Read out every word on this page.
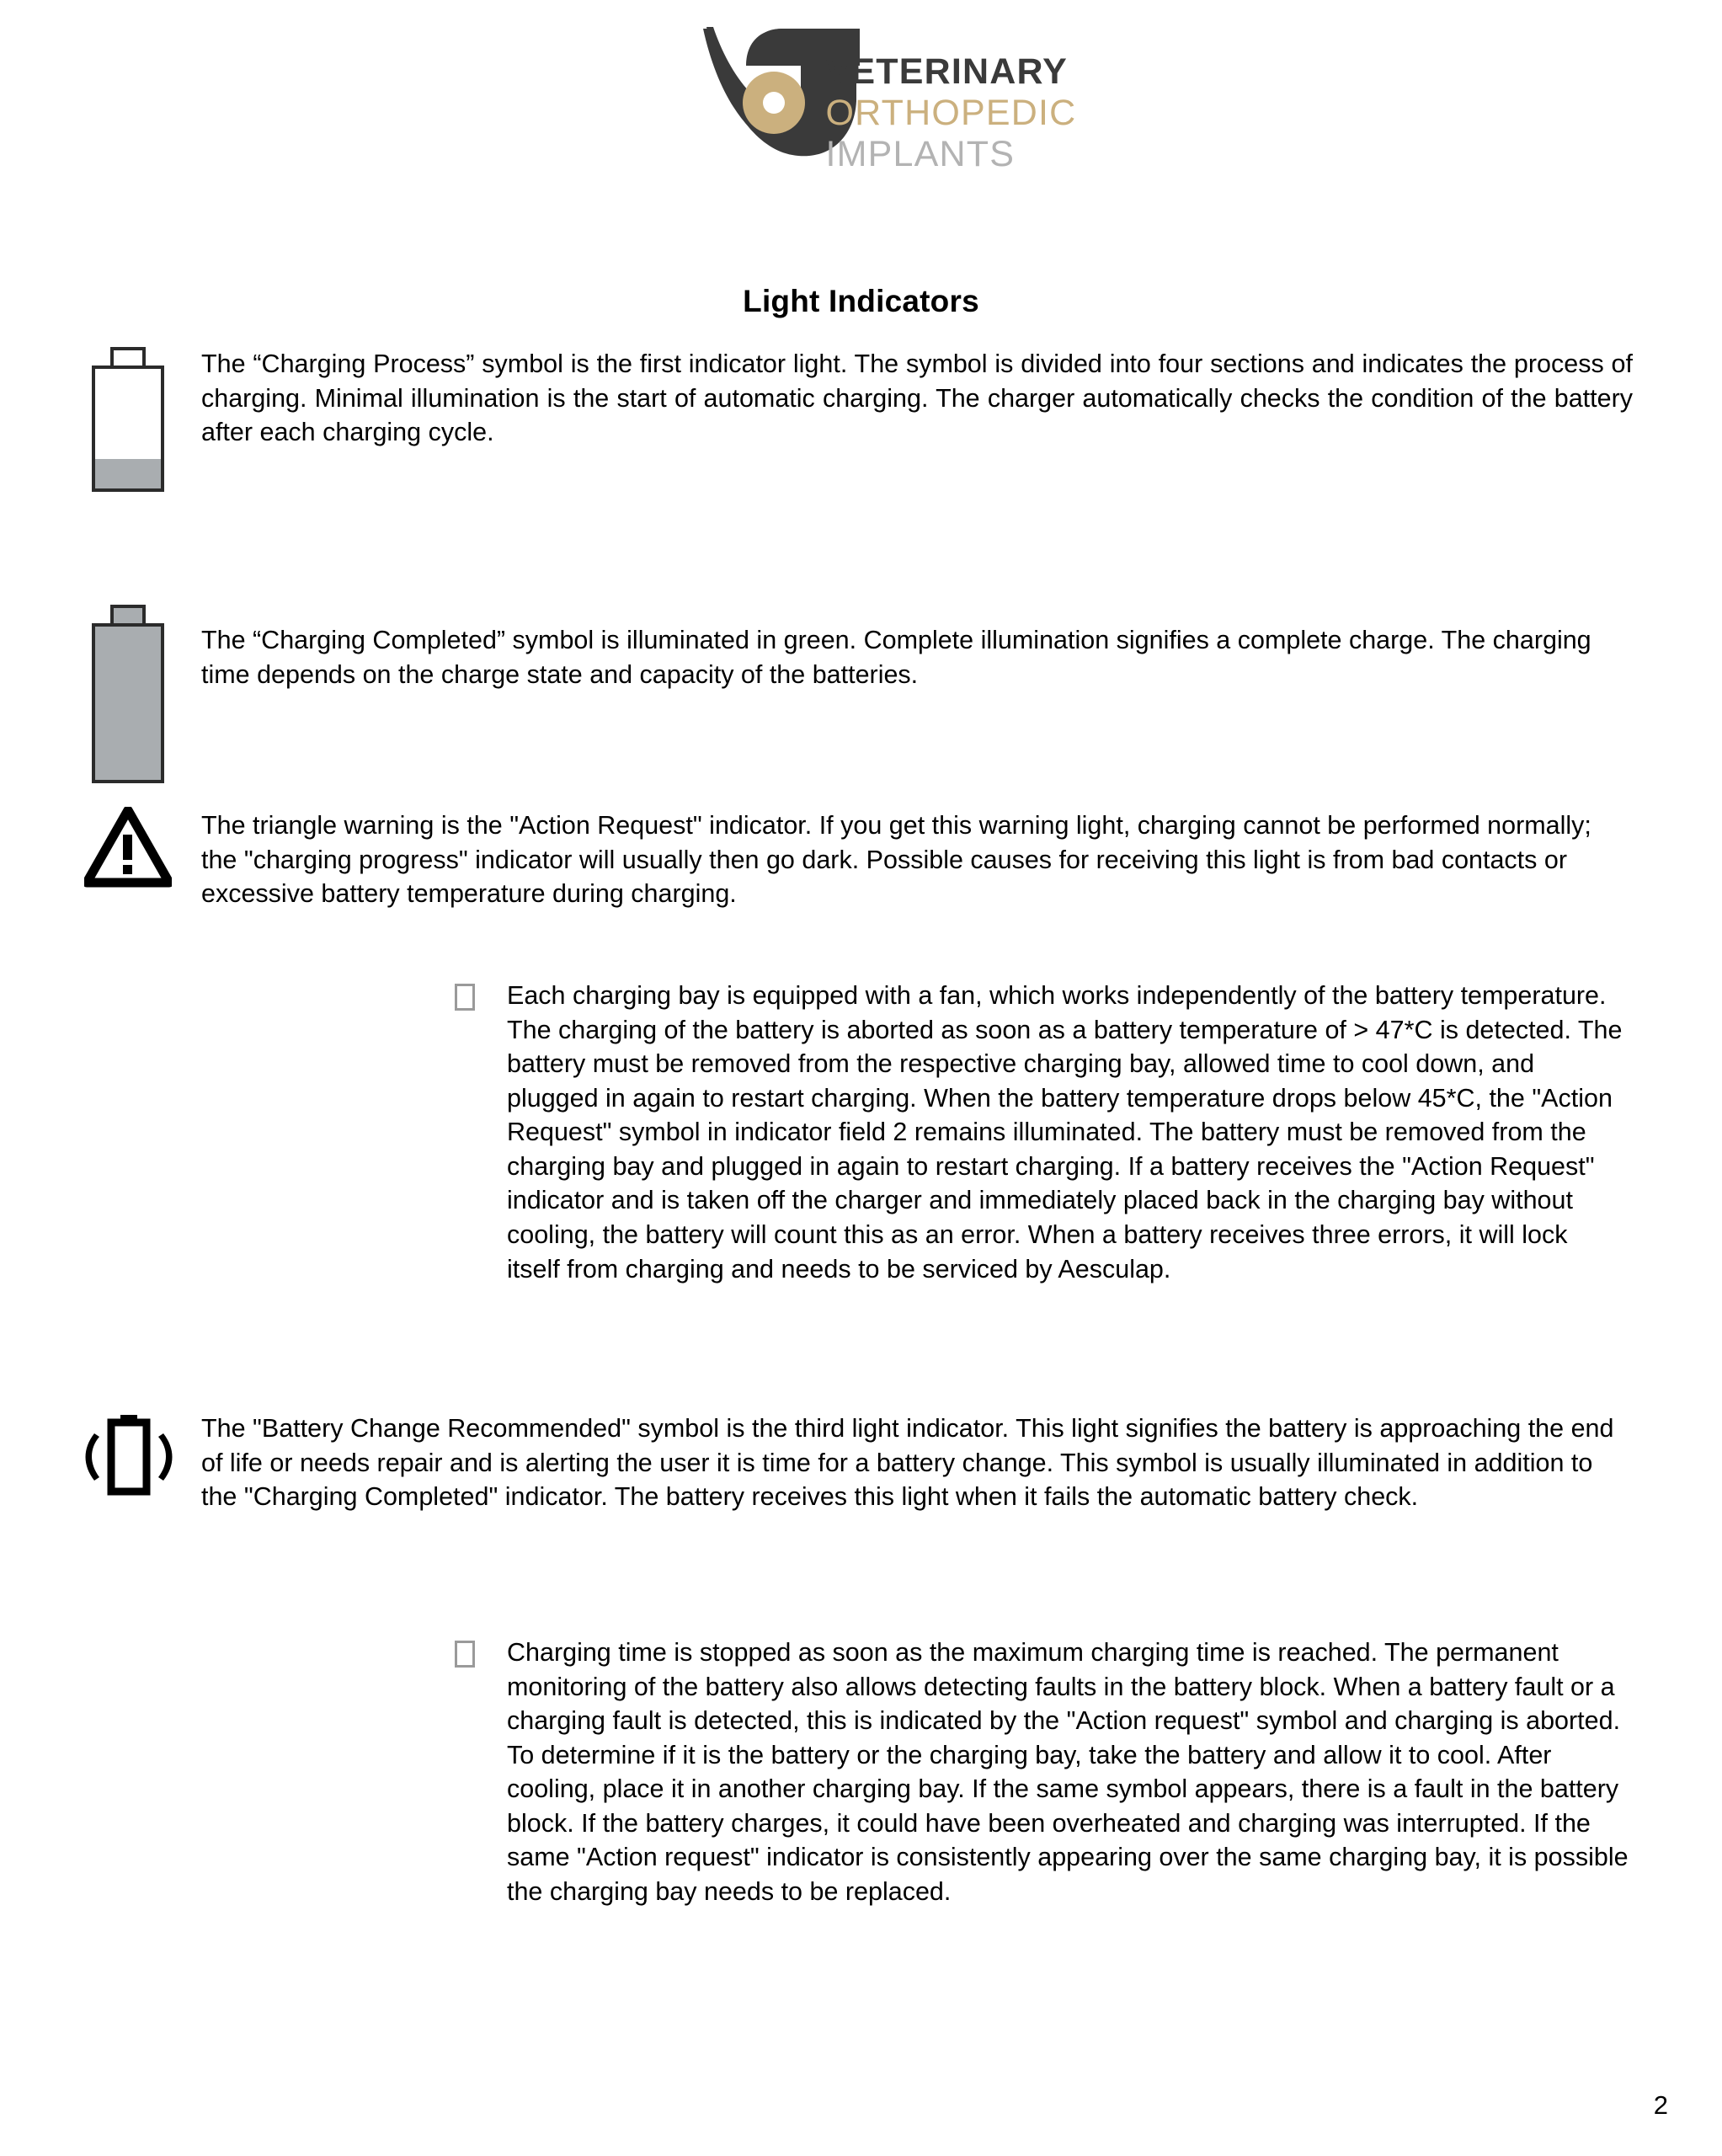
VETERINARY
ORTHOPEDIC
IMPLANTS
Light Indicators
The “Charging Process” symbol is the first indicator light. The symbol is divided into four sections and indicates the process of charging. Minimal illumination is the start of automatic charging. The charger automatically checks the condition of the battery after each charging cycle.
The “Charging Completed” symbol is illuminated in green. Complete illumination signifies a complete charge. The charging time depends on the charge state and capacity of the batteries.
The triangle warning is the "Action Request" indicator. If you get this warning light, charging cannot be performed normally; the "charging progress" indicator will usually then go dark. Possible causes for receiving this light is from bad contacts or excessive battery temperature during charging.
Each charging bay is equipped with a fan, which works independently of the battery temperature. The charging of the battery is aborted as soon as a battery temperature of > 47*C is detected. The battery must be removed from the respective charging bay, allowed time to cool down, and plugged in again to restart charging. When the battery temperature drops below 45*C, the "Action Request" symbol in indicator field 2 remains illuminated. The battery must be removed from the charging bay and plugged in again to restart charging. If a battery receives the "Action Request" indicator and is taken off the charger and immediately placed back in the charging bay without cooling, the battery will count this as an error. When a battery receives three errors, it will lock itself from charging and needs to be serviced by Aesculap.
The "Battery Change Recommended" symbol is the third light indicator. This light signifies the battery is approaching the end of life or needs repair and is alerting the user it is time for a battery change. This symbol is usually illuminated in addition to the "Charging Completed" indicator. The battery receives this light when it fails the automatic battery check.
Charging time is stopped as soon as the maximum charging time is reached. The permanent monitoring of the battery also allows detecting faults in the battery block. When a battery fault or a charging fault is detected, this is indicated by the "Action request" symbol and charging is aborted. To determine if it is the battery or the charging bay, take the battery and allow it to cool. After cooling, place it in another charging bay. If the same symbol appears, there is a fault in the battery block. If the battery charges, it could have been overheated and charging was interrupted. If the same "Action request" indicator is consistently appearing over the same charging bay, it is possible the charging bay needs to be replaced.
2
